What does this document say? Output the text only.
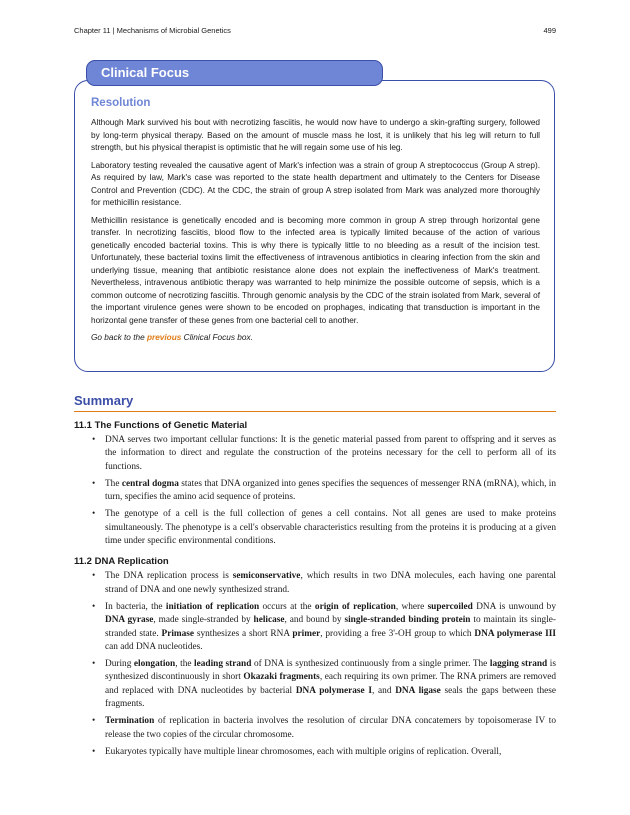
Chapter 11 | Mechanisms of Microbial Genetics	499
Clinical Focus

Resolution

Although Mark survived his bout with necrotizing fasciitis, he would now have to undergo a skin-grafting surgery, followed by long-term physical therapy. Based on the amount of muscle mass he lost, it is unlikely that his leg will return to full strength, but his physical therapist is optimistic that he will regain some use of his leg.

Laboratory testing revealed the causative agent of Mark's infection was a strain of group A streptococcus (Group A strep). As required by law, Mark's case was reported to the state health department and ultimately to the Centers for Disease Control and Prevention (CDC). At the CDC, the strain of group A strep isolated from Mark was analyzed more thoroughly for methicillin resistance.

Methicillin resistance is genetically encoded and is becoming more common in group A strep through horizontal gene transfer. In necrotizing fasciitis, blood flow to the infected area is typically limited because of the action of various genetically encoded bacterial toxins. This is why there is typically little to no bleeding as a result of the incision test. Unfortunately, these bacterial toxins limit the effectiveness of intravenous antibiotics in clearing infection from the skin and underlying tissue, meaning that antibiotic resistance alone does not explain the ineffectiveness of Mark's treatment. Nevertheless, intravenous antibiotic therapy was warranted to help minimize the possible outcome of sepsis, which is a common outcome of necrotizing fasciitis. Through genomic analysis by the CDC of the strain isolated from Mark, several of the important virulence genes were shown to be encoded on prophages, indicating that transduction is important in the horizontal gene transfer of these genes from one bacterial cell to another.

Go back to the previous Clinical Focus box.
Summary
11.1 The Functions of Genetic Material
• DNA serves two important cellular functions: It is the genetic material passed from parent to offspring and it serves as the information to direct and regulate the construction of the proteins necessary for the cell to perform all of its functions.
• The central dogma states that DNA organized into genes specifies the sequences of messenger RNA (mRNA), which, in turn, specifies the amino acid sequence of proteins.
• The genotype of a cell is the full collection of genes a cell contains. Not all genes are used to make proteins simultaneously. The phenotype is a cell's observable characteristics resulting from the proteins it is producing at a given time under specific environmental conditions.
11.2 DNA Replication
• The DNA replication process is semiconservative, which results in two DNA molecules, each having one parental strand of DNA and one newly synthesized strand.
• In bacteria, the initiation of replication occurs at the origin of replication, where supercoiled DNA is unwound by DNA gyrase, made single-stranded by helicase, and bound by single-stranded binding protein to maintain its single-stranded state. Primase synthesizes a short RNA primer, providing a free 3'-OH group to which DNA polymerase III can add DNA nucleotides.
• During elongation, the leading strand of DNA is synthesized continuously from a single primer. The lagging strand is synthesized discontinuously in short Okazaki fragments, each requiring its own primer. The RNA primers are removed and replaced with DNA nucleotides by bacterial DNA polymerase I, and DNA ligase seals the gaps between these fragments.
• Termination of replication in bacteria involves the resolution of circular DNA concatemers by topoisomerase IV to release the two copies of the circular chromosome.
• Eukaryotes typically have multiple linear chromosomes, each with multiple origins of replication. Overall,
